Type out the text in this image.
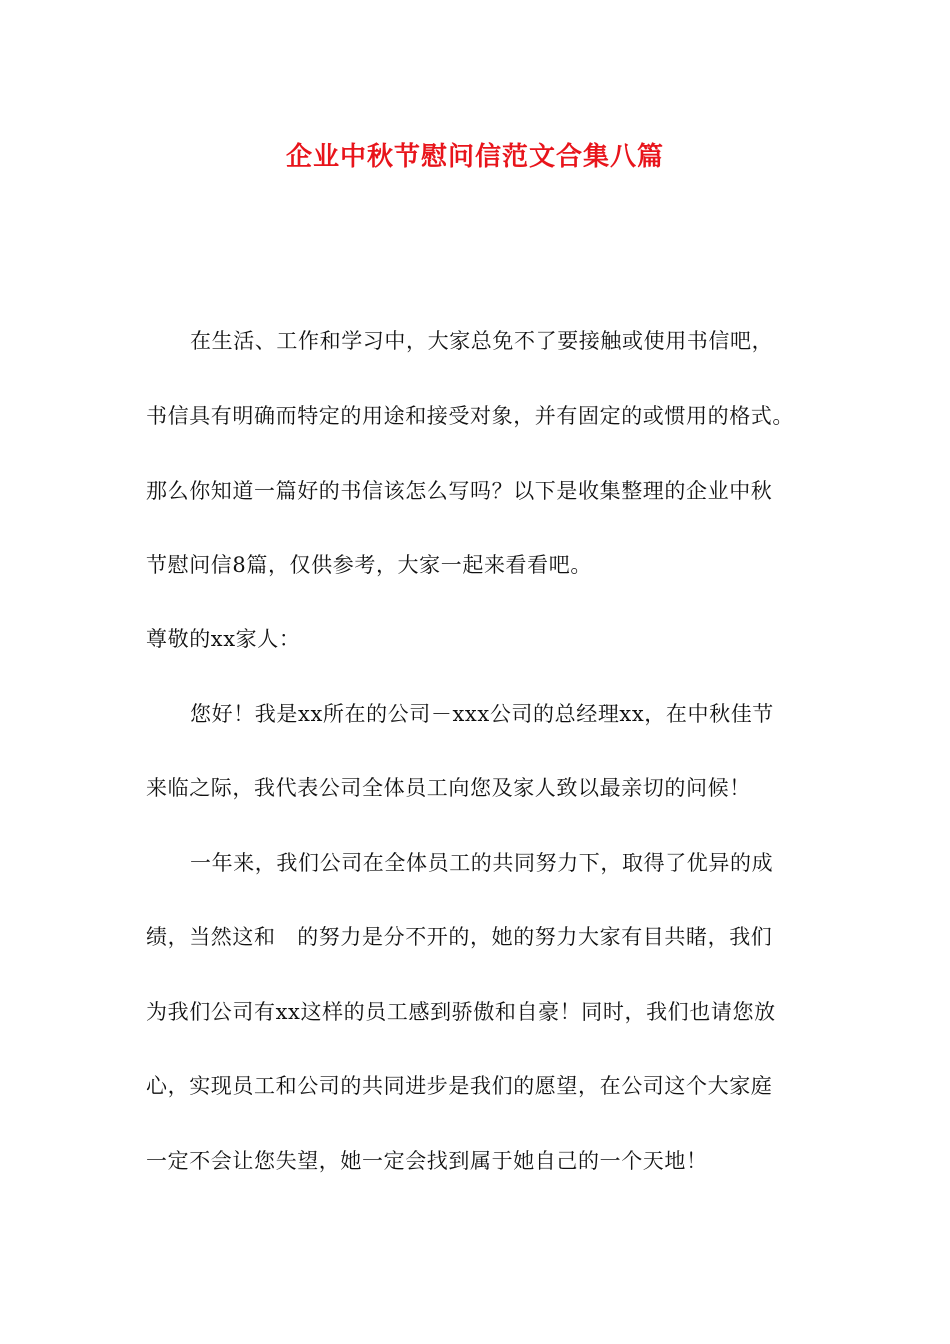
企业中秋节慰问信范文合集八篇
在生活、工作和学习中，大家总免不了要接触或使用书信吧，
书信具有明确而特定的用途和接受对象，并有固定的或惯用的格式。
那么你知道一篇好的书信该怎么写吗？以下是收集整理的企业中秋
节慰问信8篇，仅供参考，大家一起来看看吧。
尊敬的xx家人：
您好！我是xx所在的公司－xxx公司的总经理xx，在中秋佳节
来临之际，我代表公司全体员工向您及家人致以最亲切的问候！
一年来，我们公司在全体员工的共同努力下，取得了优异的成
绩，当然这和　的努力是分不开的，她的努力大家有目共睹，我们
为我们公司有xx这样的员工感到骄傲和自豪！同时，我们也请您放
心，实现员工和公司的共同进步是我们的愿望，在公司这个大家庭
一定不会让您失望，她一定会找到属于她自己的一个天地！
